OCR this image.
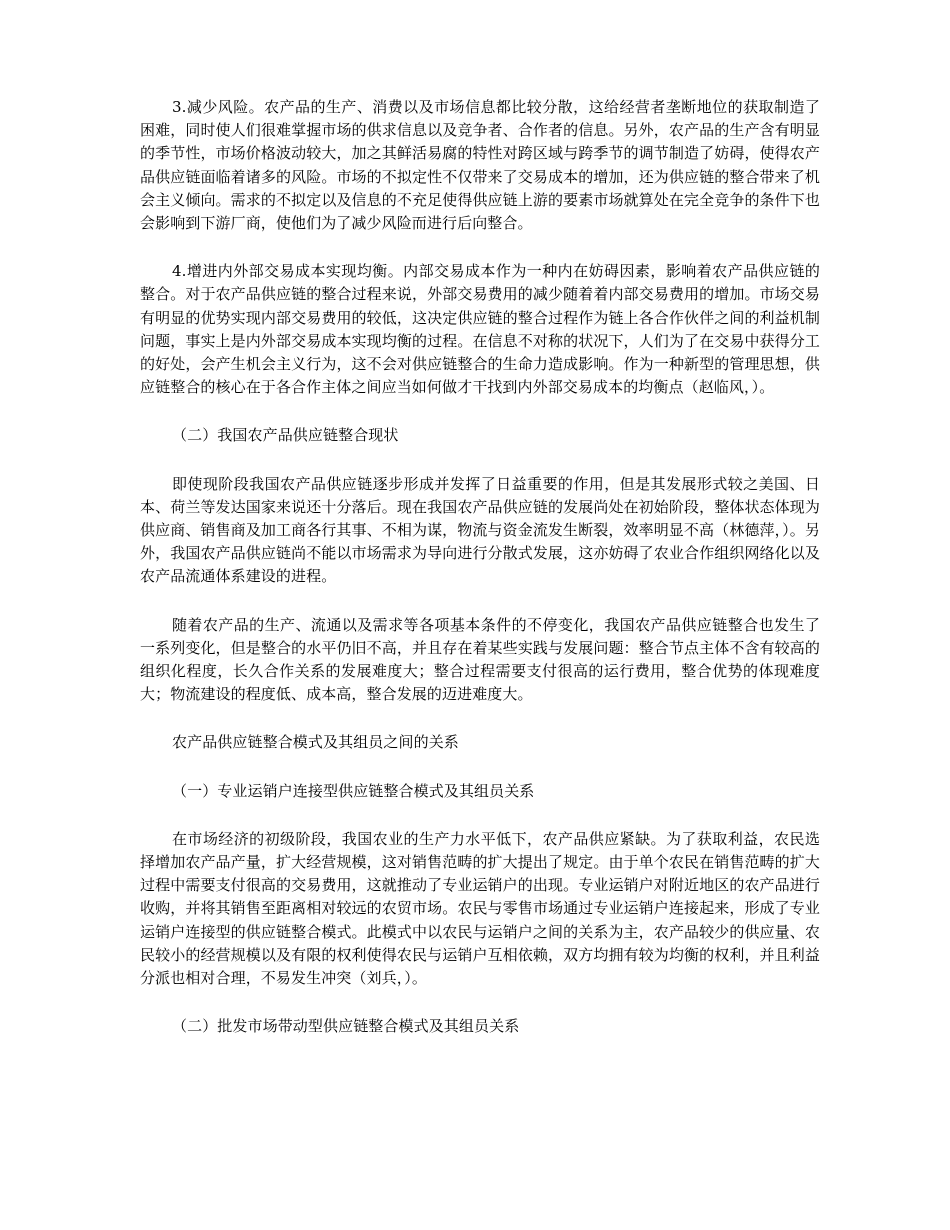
3.减少风险。农产品的生产、消费以及市场信息都比较分散，这给经营者垄断地位的获取制造了困难，同时使人们很难掌握市场的供求信息以及竞争者、合作者的信息。另外，农产品的生产含有明显的季节性，市场价格波动较大，加之其鲜活易腐的特性对跨区域与跨季节的调节制造了妨碍，使得农产品供应链面临着诸多的风险。市场的不拟定性不仅带来了交易成本的增加，还为供应链的整合带来了机会主义倾向。需求的不拟定以及信息的不充足使得供应链上游的要素市场就算处在完全竞争的条件下也会影响到下游厂商，使他们为了减少风险而进行后向整合。

4.增进内外部交易成本实现均衡。内部交易成本作为一种内在妨碍因素，影响着农产品供应链的整合。对于农产品供应链的整合过程来说，外部交易费用的减少随着着内部交易费用的增加。市场交易有明显的优势实现内部交易费用的较低，这决定供应链的整合过程作为链上各合作伙伴之间的利益机制问题，事实上是内外部交易成本实现均衡的过程。在信息不对称的状况下，人们为了在交易中获得分工的好处，会产生机会主义行为，这不会对供应链整合的生命力造成影响。作为一种新型的管理思想，供应链整合的核心在于各合作主体之间应当如何做才干找到内外部交易成本的均衡点（赵临风，）。

（二）我国农产品供应链整合现状

即使现阶段我国农产品供应链逐步形成并发挥了日益重要的作用，但是其发展形式较之美国、日本、荷兰等发达国家来说还十分落后。现在我国农产品供应链的发展尚处在初始阶段，整体状态体现为供应商、销售商及加工商各行其事、不相为谋，物流与资金流发生断裂，效率明显不高（林德萍，）。另外，我国农产品供应链尚不能以市场需求为导向进行分散式发展，这亦妨碍了农业合作组织网络化以及农产品流通体系建设的进程。

随着农产品的生产、流通以及需求等各项基本条件的不停变化，我国农产品供应链整合也发生了一系列变化，但是整合的水平仍旧不高，并且存在着某些实践与发展问题：整合节点主体不含有较高的组织化程度，长久合作关系的发展难度大；整合过程需要支付很高的运行费用，整合优势的体现难度大；物流建设的程度低、成本高，整合发展的迈进难度大。

农产品供应链整合模式及其组员之间的关系

（一）专业运销户连接型供应链整合模式及其组员关系

在市场经济的初级阶段，我国农业的生产力水平低下，农产品供应紧缺。为了获取利益，农民选择增加农产品产量，扩大经营规模，这对销售范畴的扩大提出了规定。由于单个农民在销售范畴的扩大过程中需要支付很高的交易费用，这就推动了专业运销户的出现。专业运销户对附近地区的农产品进行收购，并将其销售至距离相对较远的农贸市场。农民与零售市场通过专业运销户连接起来，形成了专业运销户连接型的供应链整合模式。此模式中以农民与运销户之间的关系为主，农产品较少的供应量、农民较小的经营规模以及有限的权利使得农民与运销户互相依赖，双方均拥有较为均衡的权利，并且利益分派也相对合理，不易发生冲突（刘兵，）。

（二）批发市场带动型供应链整合模式及其组员关系
